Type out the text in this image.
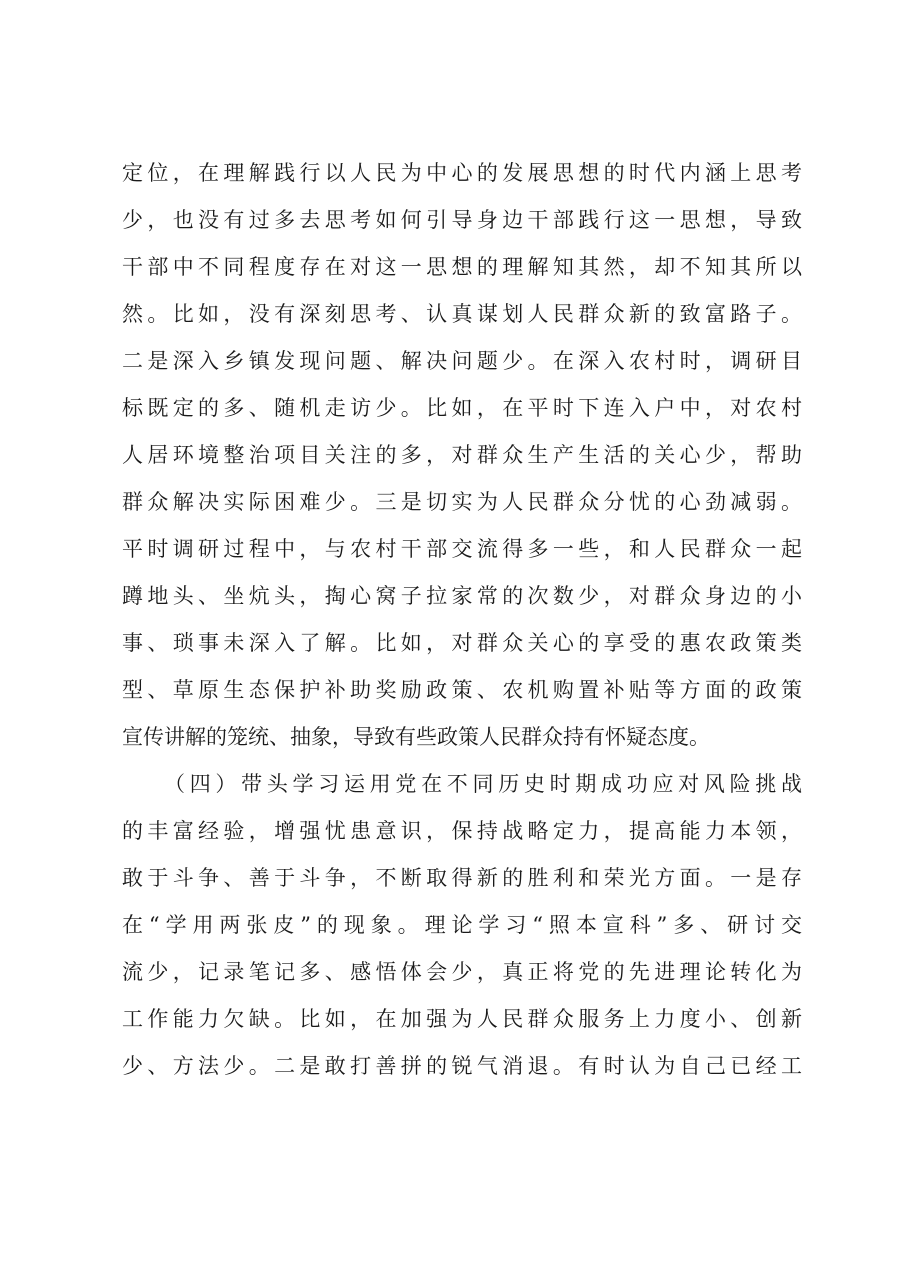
定位，在理解践行以人民为中心的发展思想的时代内涵上思考
少，也没有过多去思考如何引导身边干部践行这一思想，导致
干部中不同程度存在对这一思想的理解知其然，却不知其所以
然。比如，没有深刻思考、认真谋划人民群众新的致富路子。
二是深入乡镇发现问题、解决问题少。在深入农村时，调研目
标既定的多、随机走访少。比如，在平时下连入户中，对农村
人居环境整治项目关注的多，对群众生产生活的关心少，帮助
群众解决实际困难少。三是切实为人民群众分忧的心劲减弱。
平时调研过程中，与农村干部交流得多一些，和人民群众一起
蹲地头、坐炕头，掏心窝子拉家常的次数少，对群众身边的小
事、琐事未深入了解。比如，对群众关心的享受的惠农政策类
型、草原生态保护补助奖励政策、农机购置补贴等方面的政策
宣传讲解的笼统、抽象，导致有些政策人民群众持有怀疑态度。
（四）带头学习运用党在不同历史时期成功应对风险挑战
的丰富经验，增强忧患意识，保持战略定力，提高能力本领，
敢于斗争、善于斗争，不断取得新的胜利和荣光方面。一是存
在“学用两张皮”的现象。理论学习“照本宣科”多、研讨交
流少，记录笔记多、感悟体会少，真正将党的先进理论转化为
工作能力欠缺。比如，在加强为人民群众服务上力度小、创新
少、方法少。二是敢打善拼的锐气消退。有时认为自己已经工
